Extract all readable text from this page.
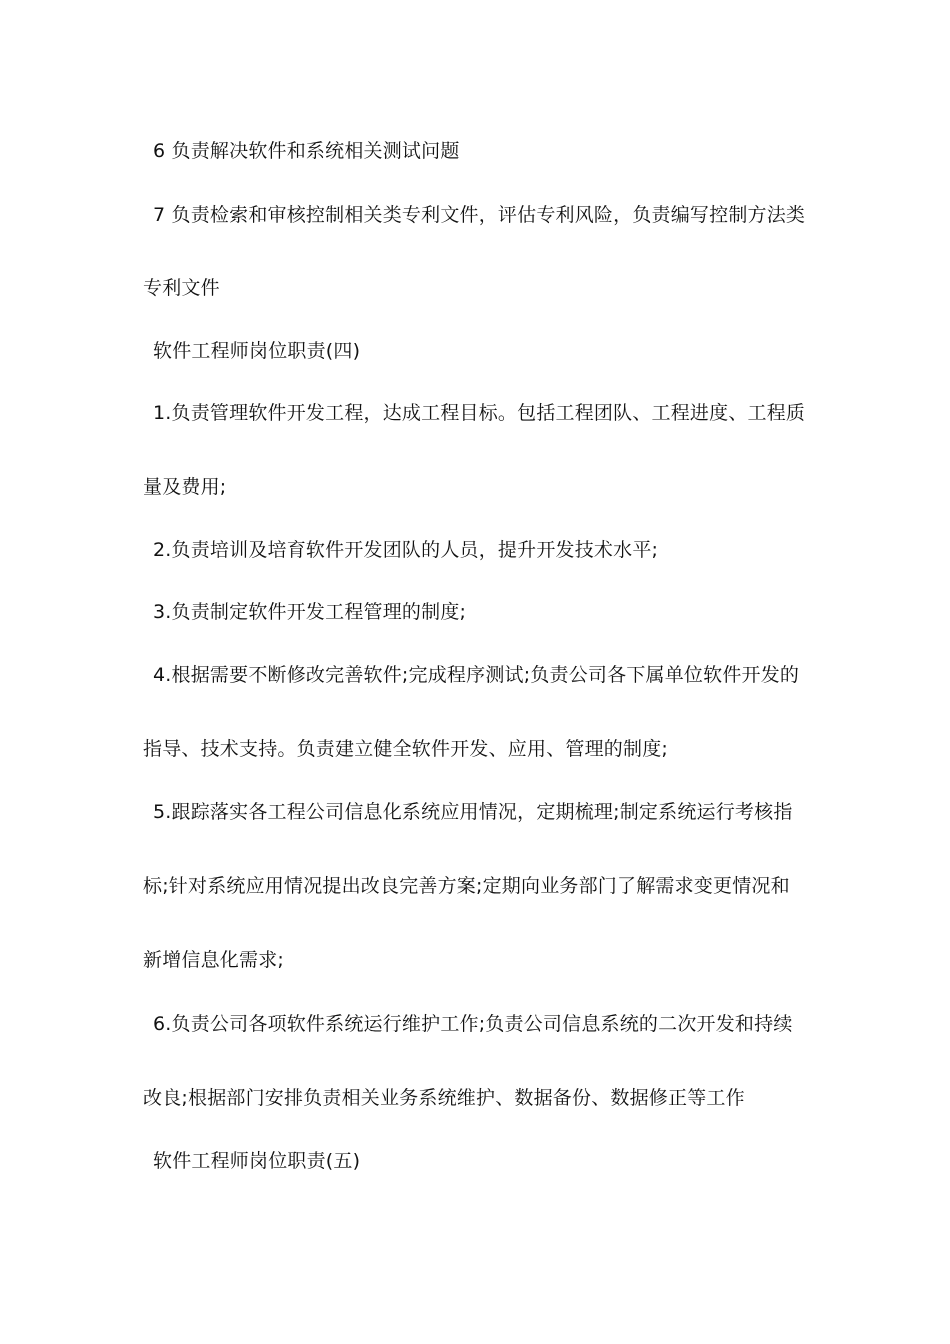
6 负责解决软件和系统相关测试问题
7 负责检索和审核控制相关类专利文件，评估专利风险，负责编写控制方法类
专利文件
软件工程师岗位职责(四)
1.负责管理软件开发工程，达成工程目标。包括工程团队、工程进度、工程质
量及费用;
2.负责培训及培育软件开发团队的人员，提升开发技术水平;
3.负责制定软件开发工程管理的制度;
4.根据需要不断修改完善软件;完成程序测试;负责公司各下属单位软件开发的
指导、技术支持。负责建立健全软件开发、应用、管理的制度;
5.跟踪落实各工程公司信息化系统应用情况，定期梳理;制定系统运行考核指
标;针对系统应用情况提出改良完善方案;定期向业务部门了解需求变更情况和
新增信息化需求;
6.负责公司各项软件系统运行维护工作;负责公司信息系统的二次开发和持续
改良;根据部门安排负责相关业务系统维护、数据备份、数据修正等工作
软件工程师岗位职责(五)
